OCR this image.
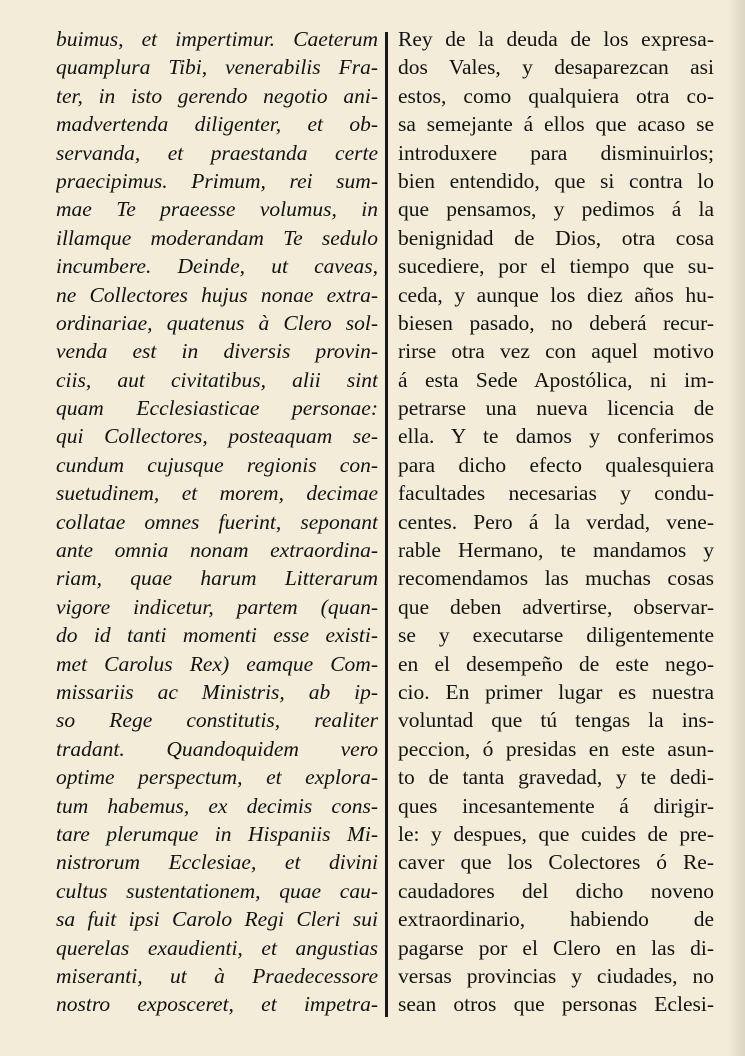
buimus, et impertimur. Caeterum
quamplura Tibi, venerabilis Fra-
ter, in isto gerendo negotio ani-
madvertenda diligenter, et ob-
servanda, et praestanda certe
praecipimus. Primum, rei sum-
mae Te praeesse volumus, in
illamque moderandam Te sedulo
incumbere. Deinde, ut caveas,
ne Collectores hujus nonae extra-
ordinariae, quatenus à Clero sol-
venda est in diversis provin-
ciis, aut civitatibus, alii sint
quam Ecclesiasticae personae:
qui Collectores, posteaquam se-
cundum cujusque regionis con-
suetudinem, et morem, decimae
collatae omnes fuerint, seponant
ante omnia nonam extraordina-
riam, quae harum Litterarum
vigore indicetur, partem (quan-
do id tanti momenti esse existi-
met Carolus Rex) eamque Com-
missariis ac Ministris, ab ip-
so Rege constitutis, realiter
tradant. Quandoquidem vero
optime perspectum, et explora-
tum habemus, ex decimis cons-
tare plerumque in Hispaniis Mi-
nistrorum Ecclesiae, et divini
cultus sustentationem, quae cau-
sa fuit ipsi Carolo Regi Cleri sui
querelas exaudienti, et angustias
miseranti, ut à Praedecessore
nostro exposceret, et impetra-
Rey de la deuda de los expresa-
dos Vales, y desaparezcan asi
estos, como qualquiera otra co-
sa semejante á ellos que acaso se
introduxere para disminuirlos;
bien entendido, que si contra lo
que pensamos, y pedimos á la
benignidad de Dios, otra cosa
sucediere, por el tiempo que su-
ceda, y aunque los diez años hu-
biesen pasado, no deberá recur-
rirse otra vez con aquel motivo
á esta Sede Apostólica, ni im-
petrarse una nueva licencia de
ella. Y te damos y conferimos
para dicho efecto qualesquiera
facultades necesarias y condu-
centes. Pero á la verdad, vene-
rable Hermano, te mandamos y
recomendamos las muchas cosas
que deben advertirse, observar-
se y executarse diligentemente
en el desempeño de este nego-
cio. En primer lugar es nuestra
voluntad que tú tengas la ins-
peccion, ó presidas en este asun-
to de tanta gravedad, y te dedi-
ques incesantemente á dirigir-
le: y despues, que cuides de pre-
caver que los Colectores ó Re-
caudadores del dicho noveno
extraordinario, habiendo de
pagarse por el Clero en las di-
versas provincias y ciudades, no
sean otros que personas Eclesi-
